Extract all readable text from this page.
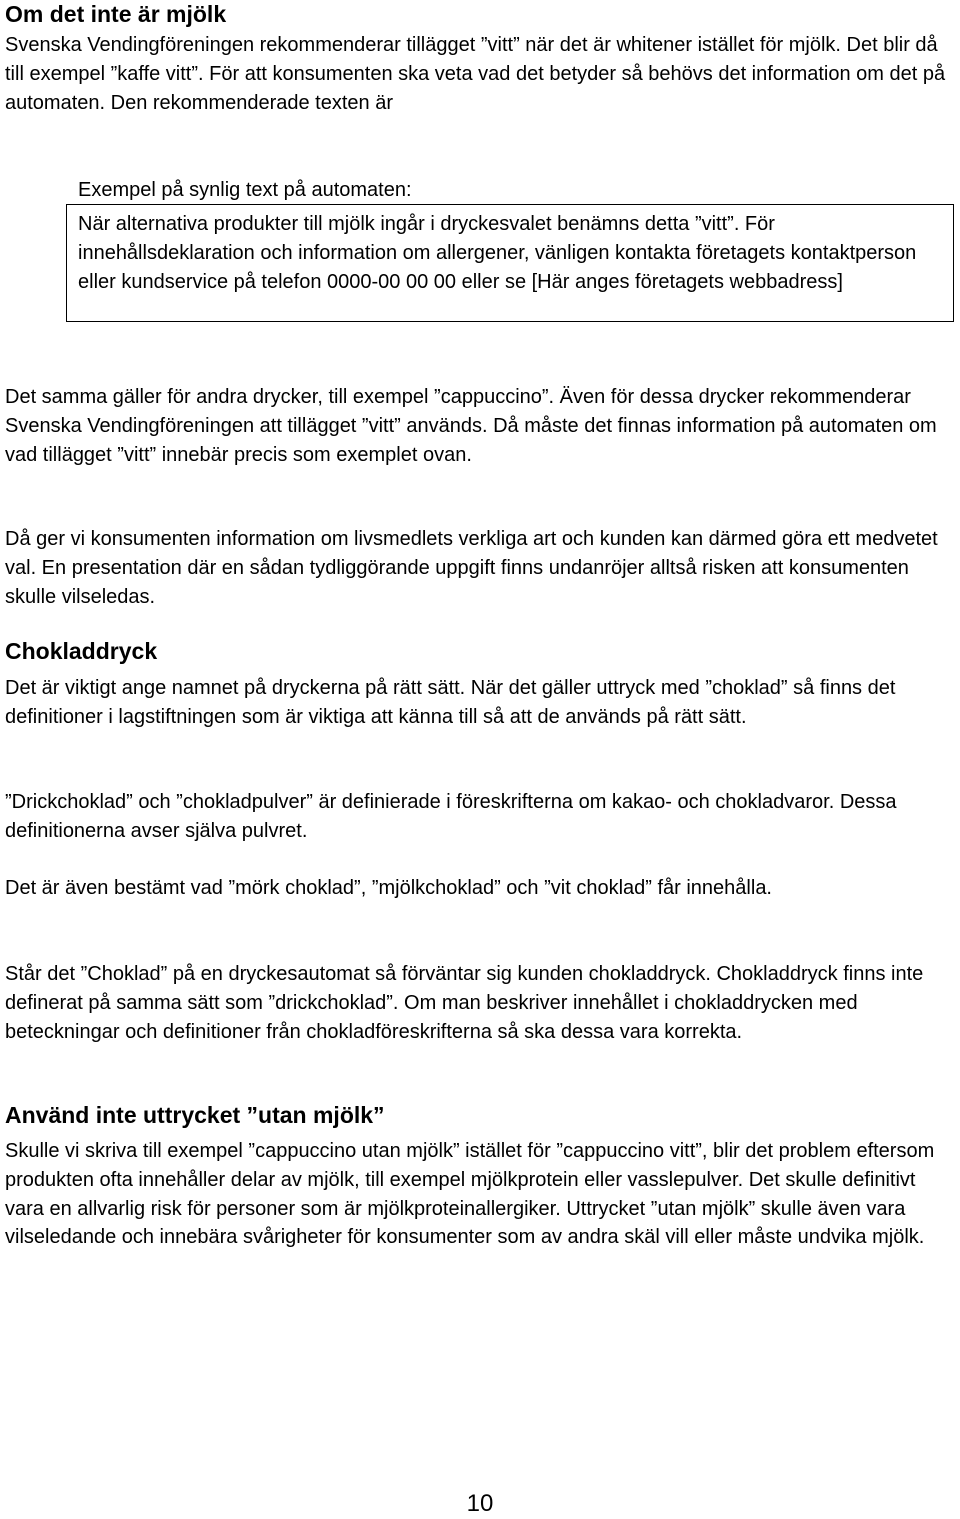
Om det inte är mjölk

Svenska Vendingföreningen rekommenderar tillägget ”vitt” när det är whitener istället för mjölk. Det blir då till exempel ”kaffe vitt”. För att konsumenten ska veta vad det betyder så behövs det information om det på automaten. Den rekommenderade texten är

Exempel på synlig text på automaten:

När alternativa produkter till mjölk ingår i dryckesvalet benämns detta ”vitt”. För innehållsdeklaration och information om allergener, vänligen kontakta företagets kontaktperson eller kundservice på telefon 0000-00 00 00 eller se [Här anges företagets webbadress]

Det samma gäller för andra drycker, till exempel ”cappuccino”. Även för dessa drycker rekommenderar Svenska Vendingföreningen att tillägget ”vitt” används. Då måste det finnas information på automaten om vad tillägget ”vitt” innebär precis som exemplet ovan.

Då ger vi konsumenten information om livsmedlets verkliga art och kunden kan därmed göra ett medvetet val. En presentation där en sådan tydliggörande uppgift finns undanröjer alltså risken att konsumenten skulle vilseledas.

Chokladdryck

Det är viktigt ange namnet på dryckerna på rätt sätt. När det gäller uttryck med ”choklad” så finns det definitioner i lagstiftningen som är viktiga att känna till så att de används på rätt sätt.

”Drickchoklad” och ”chokladpulver” är definierade i föreskrifterna om kakao- och chokladvaror. Dessa definitionerna avser själva pulvret.

Det är även bestämt vad ”mörk choklad”, ”mjölkchoklad” och ”vit choklad” får innehålla.

Står det ”Choklad” på en dryckesautomat så förväntar sig kunden chokladdryck. Chokladdryck finns inte definerat på samma sätt som ”drickchoklad”. Om man beskriver innehållet i chokladdrycken med beteckningar och definitioner från chokladföreskrifterna så ska dessa vara korrekta.

Använd inte uttrycket ”utan mjölk”

Skulle vi skriva till exempel ”cappuccino utan mjölk” istället för ”cappuccino vitt”, blir det problem eftersom produkten ofta innehåller delar av mjölk, till exempel mjölkprotein eller vasslepulver. Det skulle definitivt vara en allvarlig risk för personer som är mjölkproteinallergiker. Uttrycket ”utan mjölk” skulle även vara vilseledande och innebära svårigheter för konsumenter som av andra skäl vill eller måste undvika mjölk.

10
